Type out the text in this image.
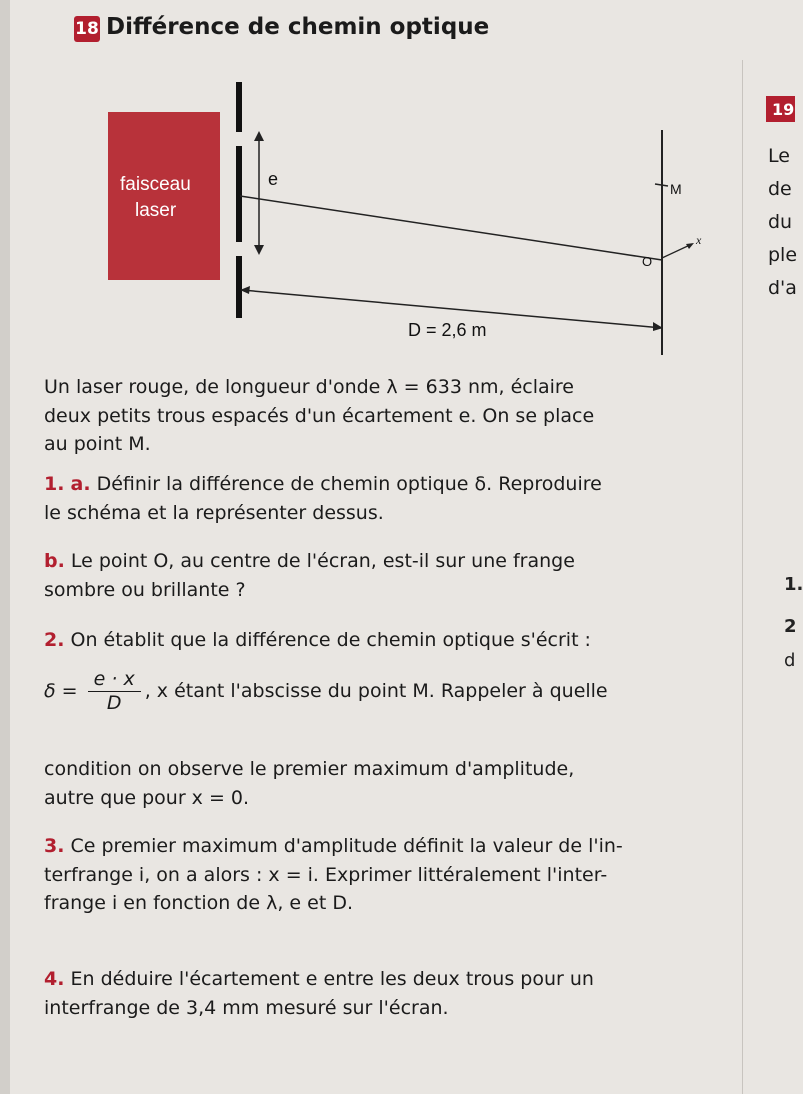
18 Différence de chemin optique
faisceau
laser
e	M
O
x
D = 2,6 m
19
Le
de
du
ple
d'a
1.
2
d

Un laser rouge, de longueur d'onde λ = 633 nm, éclaire
deux petits trous espacés d'un écartement e. On se place
au point M.

1. a. Définir la différence de chemin optique δ. Reproduire
le schéma et la représenter dessus.

b. Le point O, au centre de l'écran, est-il sur une frange
sombre ou brillante ?

2. On établit que la différence de chemin optique s'écrit :

$\delta = \frac{e \cdot x}{D}$ , x étant l'abscisse du point M. Rappeler à quelle

condition on observe le premier maximum d'amplitude,
autre que pour x = 0.

3. Ce premier maximum d'amplitude définit la valeur de l'in-
terfrange i, on a alors : x = i. Exprimer littéralement l'inter-
frange i en fonction de λ, e et D.

4. En déduire l'écartement e entre les deux trous pour un
interfrange de 3,4 mm mesuré sur l'écran.
